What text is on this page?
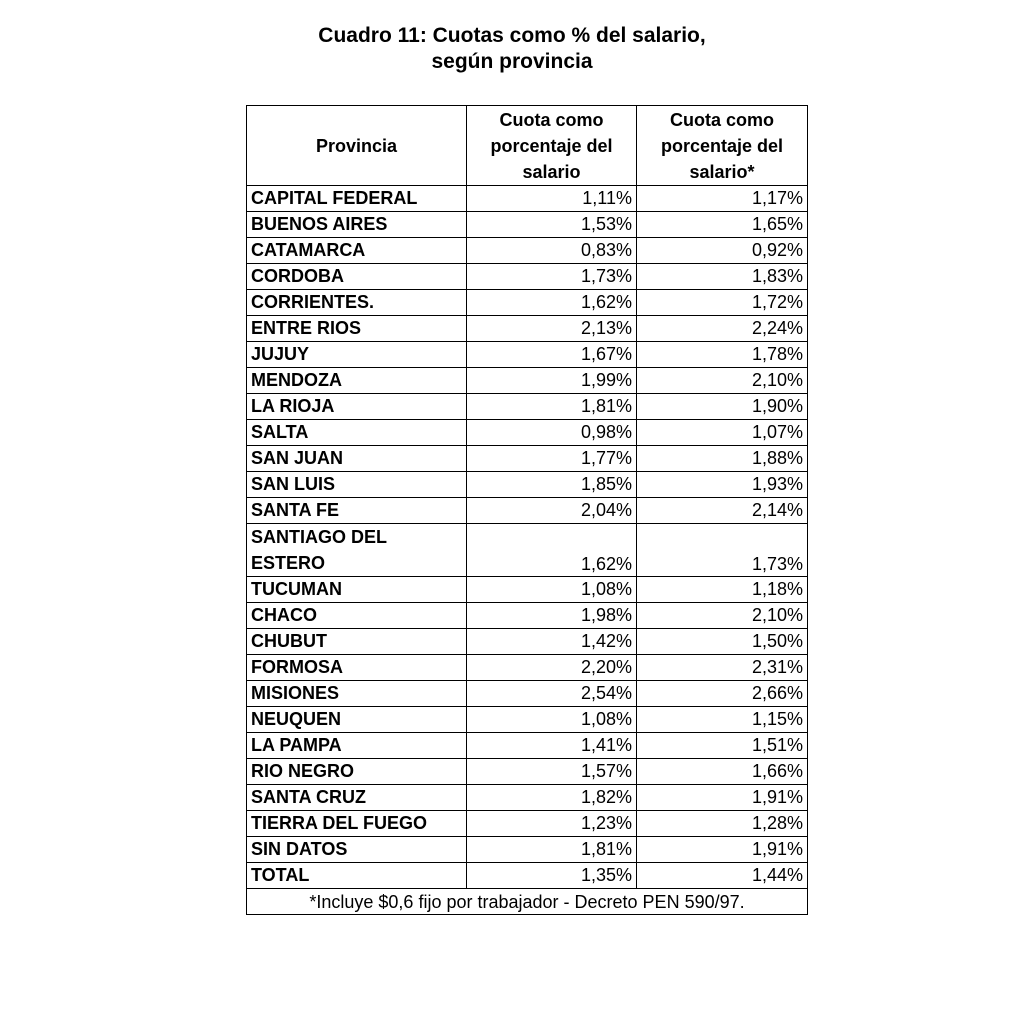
Cuadro 11: Cuotas como % del salario,
según provincia
Provincia	Cuota como porcentaje del salario	Cuota como porcentaje del salario*
CAPITAL FEDERAL	1,11%	1,17%
BUENOS AIRES	1,53%	1,65%
CATAMARCA	0,83%	0,92%
CORDOBA	1,73%	1,83%
CORRIENTES.	1,62%	1,72%
ENTRE RIOS	2,13%	2,24%
JUJUY	1,67%	1,78%
MENDOZA	1,99%	2,10%
LA RIOJA	1,81%	1,90%
SALTA	0,98%	1,07%
SAN JUAN	1,77%	1,88%
SAN LUIS	1,85%	1,93%
SANTA FE	2,04%	2,14%
SANTIAGO DEL ESTERO	1,62%	1,73%
TUCUMAN	1,08%	1,18%
CHACO	1,98%	2,10%
CHUBUT	1,42%	1,50%
FORMOSA	2,20%	2,31%
MISIONES	2,54%	2,66%
NEUQUEN	1,08%	1,15%
LA PAMPA	1,41%	1,51%
RIO NEGRO	1,57%	1,66%
SANTA CRUZ	1,82%	1,91%
TIERRA DEL FUEGO	1,23%	1,28%
SIN DATOS	1,81%	1,91%
TOTAL	1,35%	1,44%
*Incluye $0,6 fijo por trabajador - Decreto PEN 590/97.		
